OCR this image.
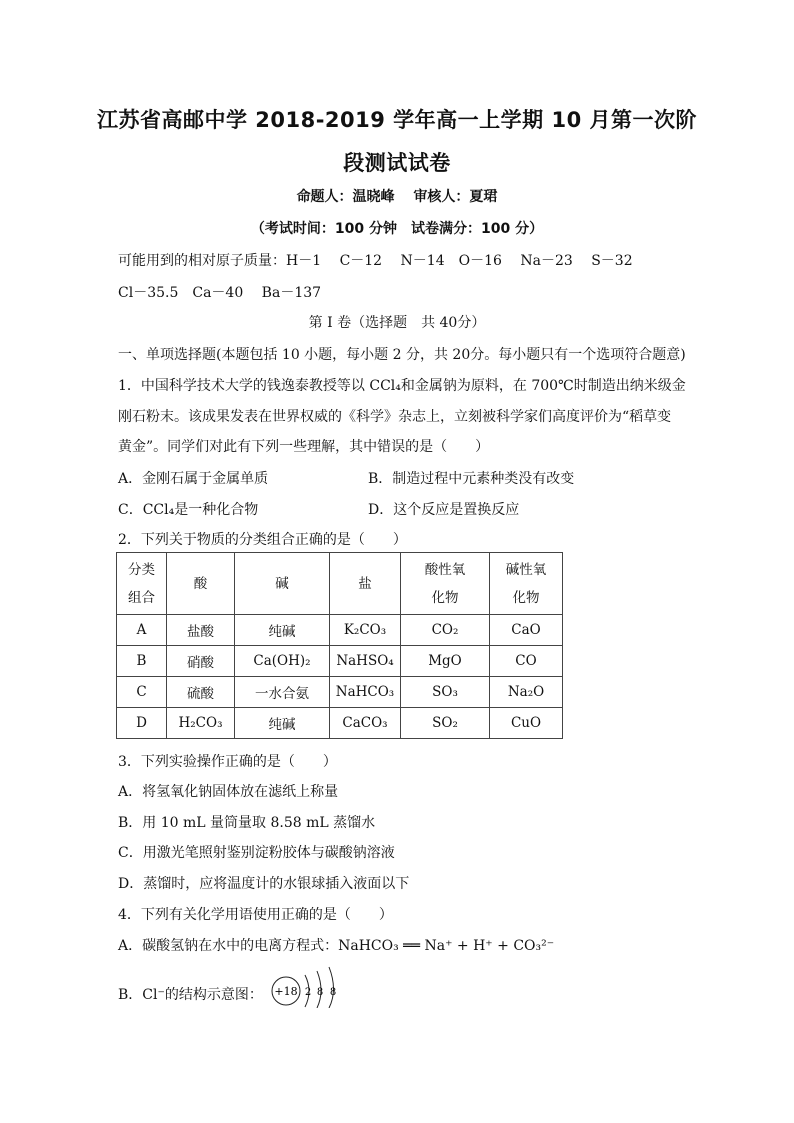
江苏省高邮中学 2018-2019 学年高一上学期 10 月第一次阶
段测试试卷
命题人：温晓峰　 审核人：夏珺
（考试时间：100 分钟　试卷满分：100 分）
可能用到的相对原子质量：H－1　 C－12　 N－14　O－16　 Na－23　 S－32
Cl－35.5　Ca－40　 Ba－137
第 I 卷（选择题　共 40分）
一、单项选择题(本题包括 10 小题，每小题 2 分，共 20分。每小题只有一个选项符合题意)
1．中国科学技术大学的钱逸泰教授等以 CCl₄和金属钠为原料，在 700℃时制造出纳米级金
刚石粉末。该成果发表在世界权威的《科学》杂志上，立刻被科学家们高度评价为“稻草变
黄金”。同学们对此有下列一些理解，其中错误的是（　　）
A．金刚石属于金属单质	B．制造过程中元素种类没有改变
C．CCl₄是一种化合物	D．这个反应是置换反应
2．下列关于物质的分类组合正确的是（　　）
分类
组合	酸	碱	盐	酸性氧
化物	碱性氧
化物
A	盐酸	纯碱	K₂CO₃	CO₂	CaO
B	硝酸	Ca(OH)₂	NaHSO₄	MgO	CO
C	硫酸	一水合氨	NaHCO₃	SO₃	Na₂O
D	H₂CO₃	纯碱	CaCO₃	SO₂	CuO
3．下列实验操作正确的是（　　）
A．将氢氧化钠固体放在滤纸上称量
B．用 10 mL 量筒量取 8.58 mL 蒸馏水
C．用激光笔照射鉴别淀粉胶体与碳酸钠溶液
D．蒸馏时，应将温度计的水银球插入液面以下
4．下列有关化学用语使用正确的是（　　）
A．碳酸氢钠在水中的电离方程式：NaHCO₃ ══ Na⁺ + H⁺ + CO₃²⁻
B．Cl⁻的结构示意图： +18 2 8 8
